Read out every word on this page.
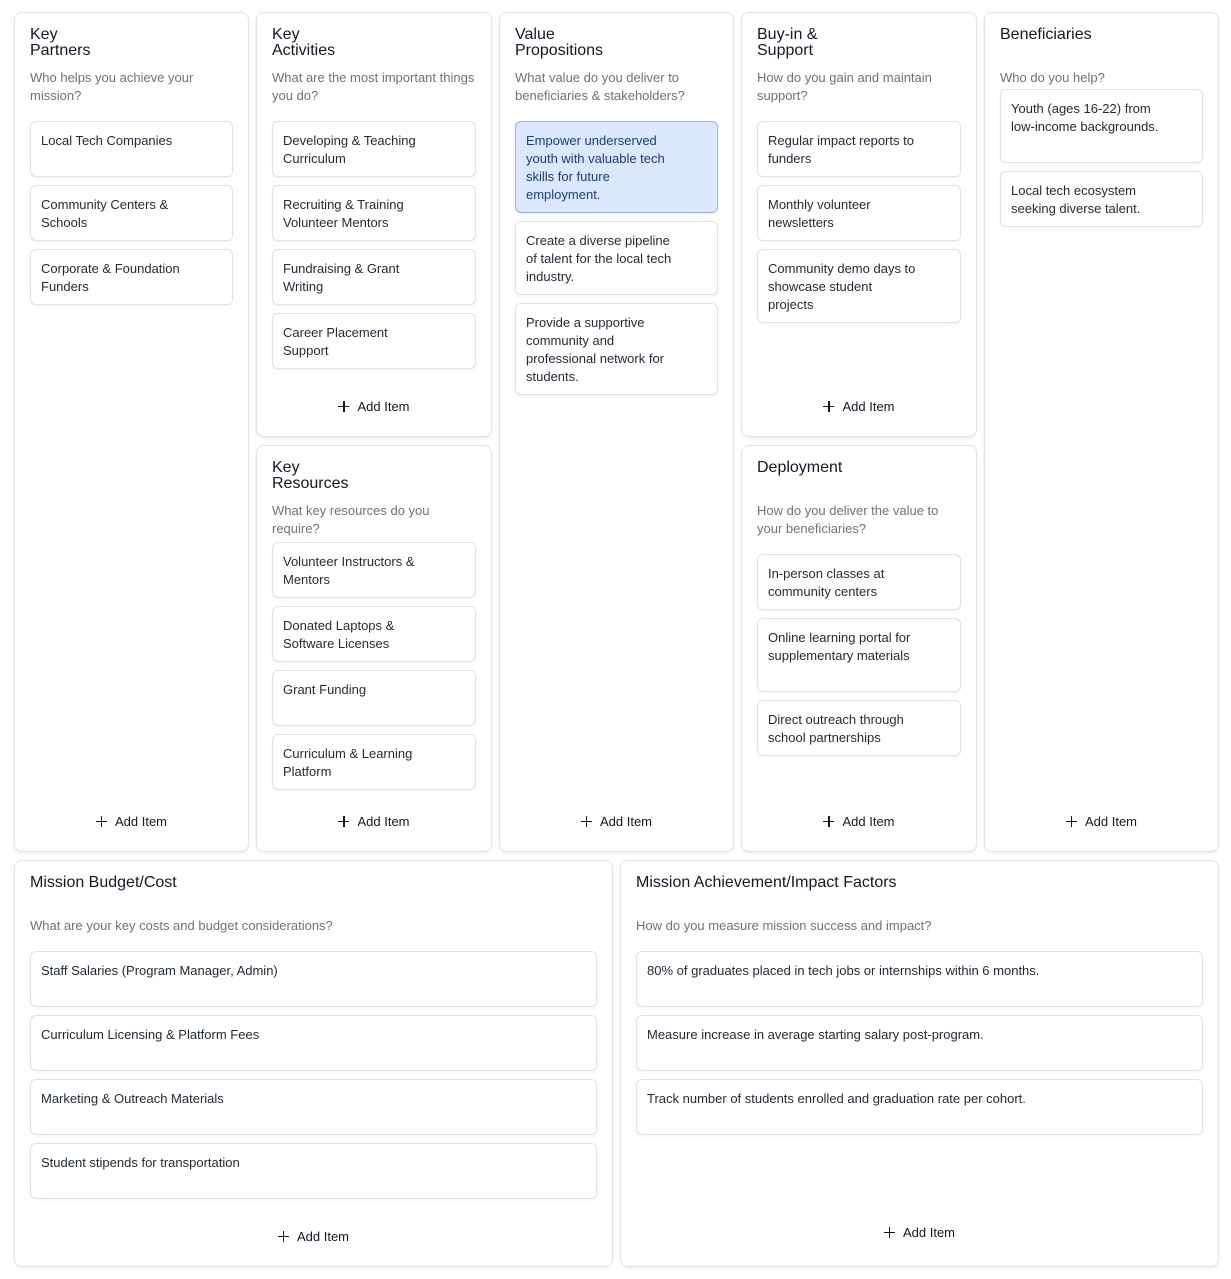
Key
Partners
Who helps you achieve your mission?
Local Tech Companies
Community Centers & Schools
Corporate & Foundation Funders
Add Item
Key
Activities
What are the most important things you do?
Developing & Teaching Curriculum
Recruiting & Training Volunteer Mentors
Fundraising & Grant Writing
Career Placement Support
Add Item
Key
Resources
What key resources do you require?
Volunteer Instructors & Mentors
Donated Laptops & Software Licenses
Grant Funding
Curriculum & Learning Platform
Add Item
Value
Propositions
What value do you deliver to beneficiaries & stakeholders?
Empower underserved youth with valuable tech skills for future employment.
Create a diverse pipeline of talent for the local tech industry.
Provide a supportive community and professional network for students.
Add Item
Buy-in &
Support
How do you gain and maintain support?
Regular impact reports to funders
Monthly volunteer newsletters
Community demo days to showcase student projects
Add Item
Deployment
How do you deliver the value to your beneficiaries?
In-person classes at community centers
Online learning portal for supplementary materials
Direct outreach through school partnerships
Add Item
Beneficiaries
Who do you help?
Youth (ages 16-22) from low-income backgrounds.
Local tech ecosystem seeking diverse talent.
Add Item
Mission Budget/Cost
What are your key costs and budget considerations?
Staff Salaries (Program Manager, Admin)
Curriculum Licensing & Platform Fees
Marketing & Outreach Materials
Student stipends for transportation
Add Item
Mission Achievement/Impact Factors
How do you measure mission success and impact?
80% of graduates placed in tech jobs or internships within 6 months.
Measure increase in average starting salary post-program.
Track number of students enrolled and graduation rate per cohort.
Add Item
